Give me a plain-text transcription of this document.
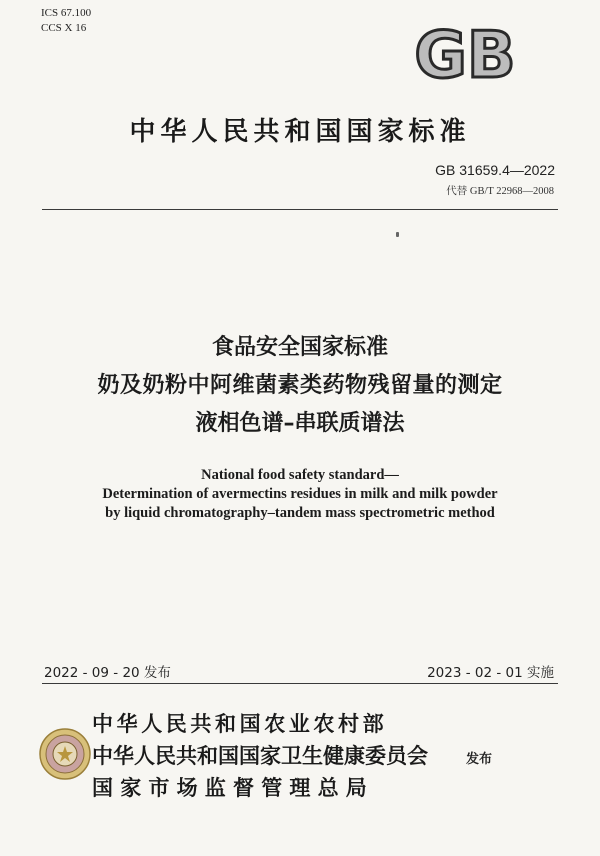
ICS 67.100
CCS X 16	GB
中华人民共和国国家标准
GB 31659.4—2022
代替 GB/T 22968—2008
食品安全国家标准
奶及奶粉中阿维菌素类药物残留量的测定
液相色谱–串联质谱法
National food safety standard—
Determination of avermectins residues in milk and milk powder
by liquid chromatography–tandem mass spectrometric method
2022 - 09 - 20 发布	2023 - 02 - 01 实施
中华人民共和国农业农村部
中华人民共和国国家卫生健康委员会
国家市场监督管理总局
发布
